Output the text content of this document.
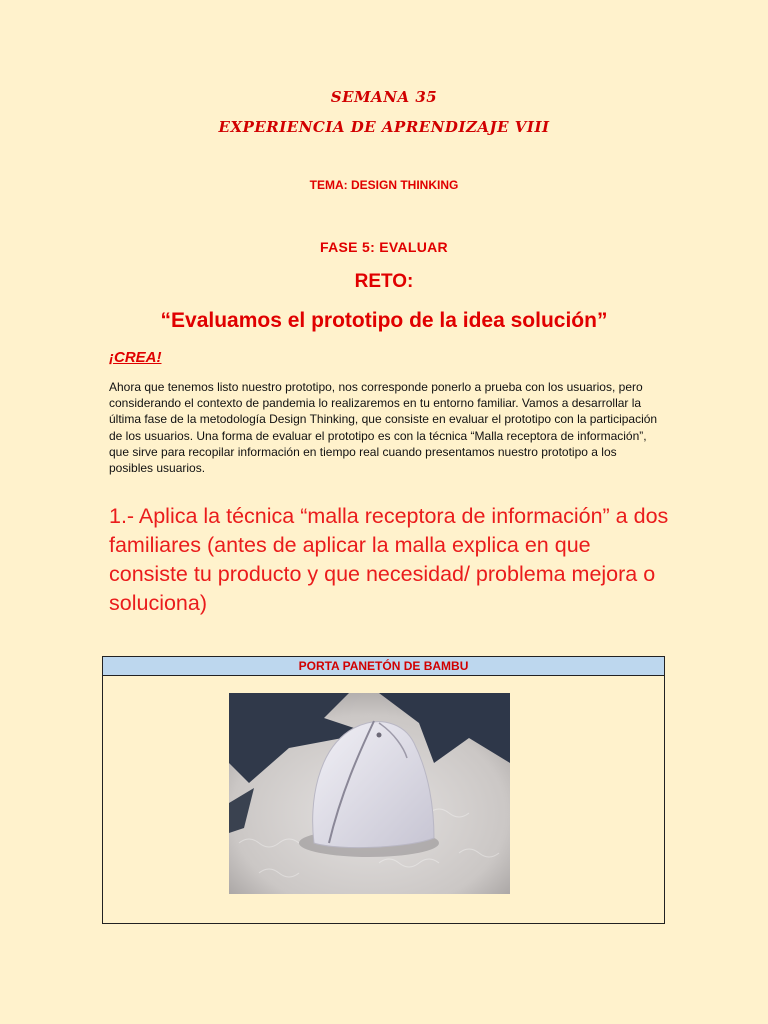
SEMANA 35
EXPERIENCIA DE APRENDIZAJE VIII
TEMA: DESIGN THINKING
FASE 5: EVALUAR
RETO:
“Evaluamos el prototipo de la idea solución”
¡CREA!
Ahora que tenemos listo nuestro prototipo, nos corresponde ponerlo a prueba con los usuarios, pero considerando el contexto de pandemia lo realizaremos en tu entorno familiar. Vamos a desarrollar la última fase de la metodología Design Thinking, que consiste en evaluar el prototipo con la participación de los usuarios. Una forma de evaluar el prototipo es con la técnica “Malla receptora de información”, que sirve para recopilar información en tiempo real cuando presentamos nuestro prototipo a los posibles usuarios.
1.- Aplica la técnica “malla receptora de información” a dos familiares (antes de aplicar la malla explica en que consiste tu producto y que necesidad/ problema mejora o soluciona)
PORTA PANETÓN DE BAMBU
